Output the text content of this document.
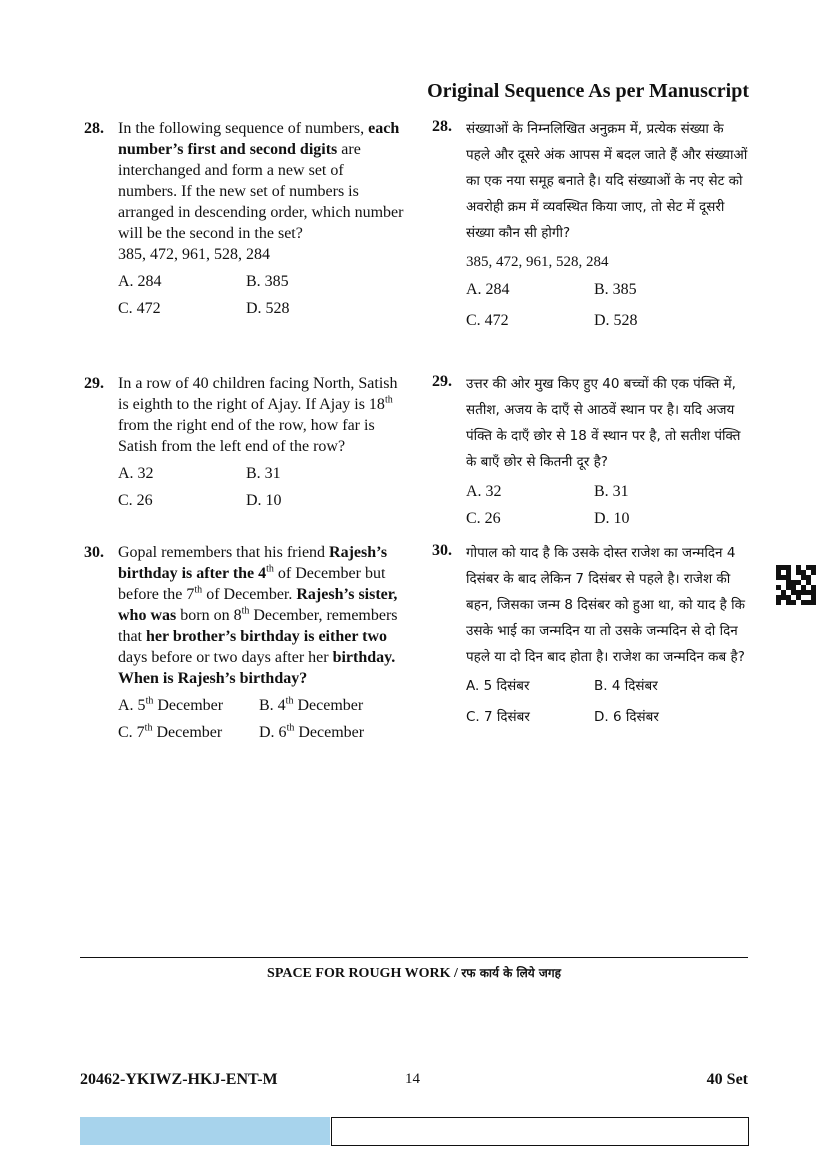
Original Sequence As per Manuscript
28. In the following sequence of numbers, each number’s first and second digits are interchanged and form a new set of numbers. If the new set of numbers is arranged in descending order, which number will be the second in the set?
385, 472, 961, 528, 284
A. 284	B. 385
C. 472	D. 528
29. In a row of 40 children facing North, Satish is eighth to the right of Ajay. If Ajay is 18th from the right end of the row, how far is Satish from the left end of the row?
A. 32	B. 31
C. 26	D. 10
30. Gopal remembers that his friend Rajesh’s birthday is after the 4th of December but before the 7th of December. Rajesh’s sister, who was born on 8th December, remembers that her brother’s birthday is either two days before or two days after her birthday. When is Rajesh’s birthday?
A. 5th December	B. 4th December
C. 7th December	D. 6th December
28. संख्याओं के निम्नलिखित अनुक्रम में, प्रत्येक संख्या के पहले और दूसरे अंक आपस में बदल जाते हैं और संख्याओं का एक नया समूह बनाते है। यदि संख्याओं के नए सेट को अवरोही क्रम में व्यवस्थित किया जाए, तो सेट में दूसरी संख्या कौन सी होगी?
385, 472, 961, 528, 284
A. 284	B. 385
C. 472	D. 528
29. उत्तर की ओर मुख किए हुए 40 बच्चों की एक पंक्ति में, सतीश, अजय के दाएँ से आठवें स्थान पर है। यदि अजय पंक्ति के दाएँ छोर से 18 वें स्थान पर है, तो सतीश पंक्ति के बाएँ छोर से कितनी दूर है?
A. 32	B. 31
C. 26	D. 10
30. गोपाल को याद है कि उसके दोस्त राजेश का जन्मदिन 4 दिसंबर के बाद लेकिन 7 दिसंबर से पहले है। राजेश की बहन, जिसका जन्म 8 दिसंबर को हुआ था, को याद है कि उसके भाई का जन्मदिन या तो उसके जन्मदिन से दो दिन पहले या दो दिन बाद होता है। राजेश का जन्मदिन कब है?
A. 5 दिसंबर	B. 4 दिसंबर
C. 7 दिसंबर	D. 6 दिसंबर
SPACE FOR ROUGH WORK / रफ कार्य के लिये जगह
20462-YKIWZ-HKJ-ENT-M	14	40 Set
